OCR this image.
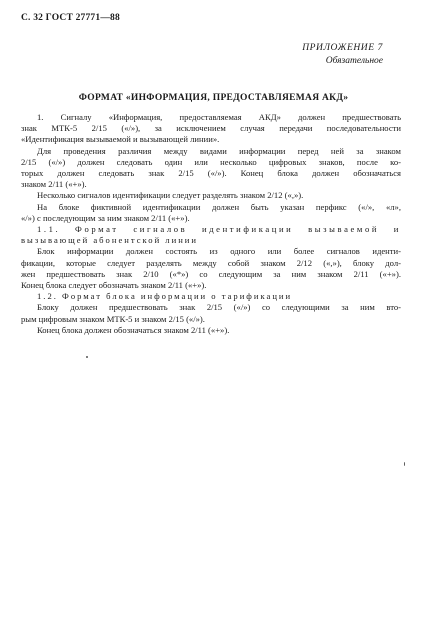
С. 32 ГОСТ 27771—88
ПРИЛОЖЕНИЕ 7
Обязательное
ФОРМАТ «ИНФОРМАЦИЯ, ПРЕДОСТАВЛЯЕМАЯ АКД»

1. Сигналу «Информация, предоставляемая АКД» должен предшествовать

знак МТК-5 2/15 («/»), за исключением случая передачи последовательности

«Идентификация вызываемой и вызывающей линии».

Для проведения различия между видами информации перед ней за знаком

2/15 («/») должен следовать один или несколько цифровых знаков, после ко-

торых должен следовать знак 2/15 («/»). Конец блока должен обозначаться

знаком 2/11 («+»).

Несколько сигналов идентификации следует разделять знаком 2/12 («,»).

На блоке фиктивной идентификации должен быть указан перфикс («/», «л»,

«/») с последующим за ним знаком 2/11 («+»).

1.1. Формат сигналов идентификации вызываемой и

вызывающей абонентской линии

Блок информации должен состоять из одного или более сигналов иденти-

фикации, которые следует разделять между собой знаком 2/12 («,»), блоку дол-

жен предшествовать знак 2/10 («*») со следующим за ним знаком 2/11 («+»).

Конец блока следует обозначать знаком 2/11 («+»).

1.2. Формат блока информации о тарификации

Блоку должен предшествовать знак 2/15 («/») со следующими за ним вто-

рым цифровым знаком МТК-5 и знаком 2/15 («/»).

Конец блока должен обозначаться знаком 2/11 («+»).
